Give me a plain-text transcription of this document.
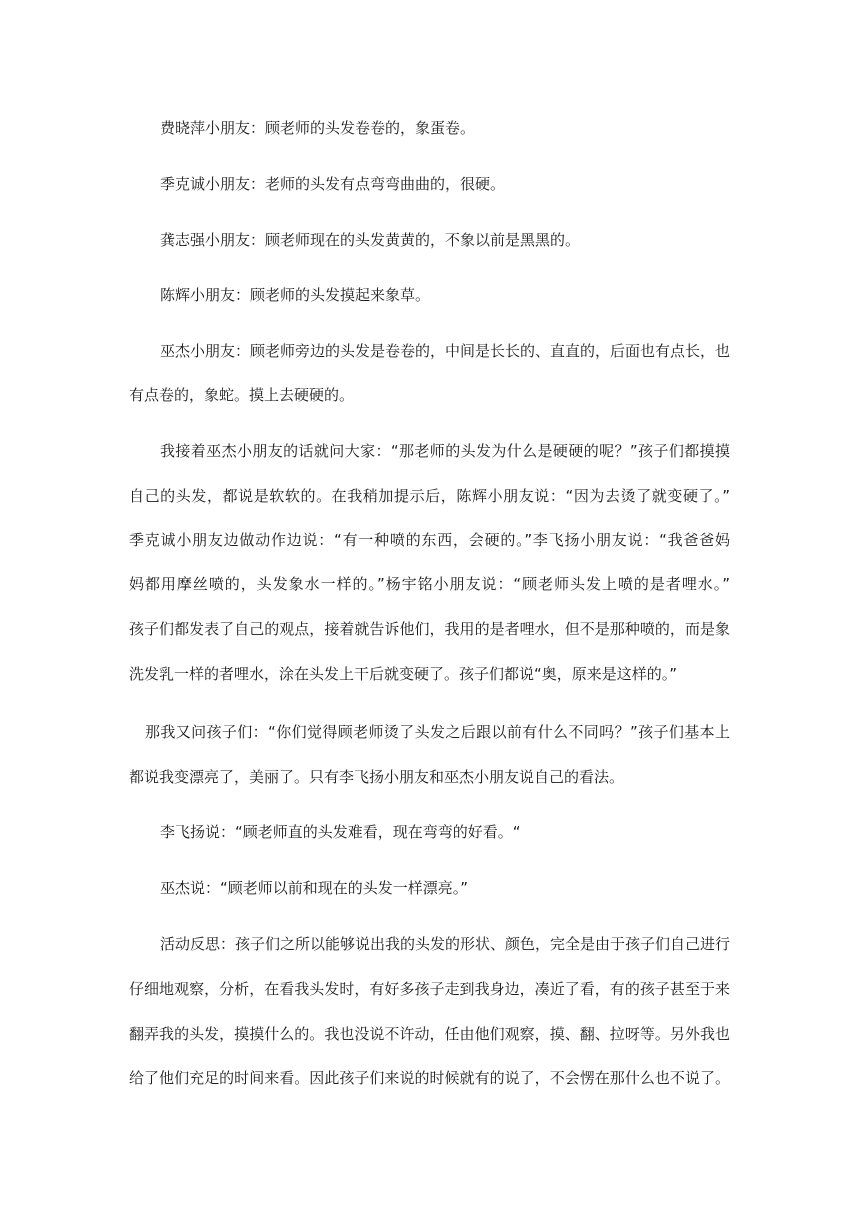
费晓萍小朋友：顾老师的头发卷卷的，象蛋卷。
季克诚小朋友：老师的头发有点弯弯曲曲的，很硬。
龚志强小朋友：顾老师现在的头发黄黄的，不象以前是黑黑的。
陈辉小朋友：顾老师的头发摸起来象草。
巫杰小朋友：顾老师旁边的头发是卷卷的，中间是长长的、直直的，后面也有点长，也
有点卷的，象蛇。摸上去硬硬的。
我接着巫杰小朋友的话就问大家：“那老师的头发为什么是硬硬的呢？”孩子们都摸摸
自己的头发，都说是软软的。在我稍加提示后，陈辉小朋友说：“因为去烫了就变硬了。”
季克诚小朋友边做动作边说：“有一种喷的东西，会硬的。”李飞扬小朋友说：“我爸爸妈
妈都用摩丝喷的，头发象水一样的。”杨宇铭小朋友说：“顾老师头发上喷的是者哩水。”
孩子们都发表了自己的观点，接着就告诉他们，我用的是者哩水，但不是那种喷的，而是象
洗发乳一样的者哩水，涂在头发上干后就变硬了。孩子们都说“奥，原来是这样的。”
那我又问孩子们：“你们觉得顾老师烫了头发之后跟以前有什么不同吗？”孩子们基本上
都说我变漂亮了，美丽了。只有李飞扬小朋友和巫杰小朋友说自己的看法。
李飞扬说：“顾老师直的头发难看，现在弯弯的好看。“
巫杰说：“顾老师以前和现在的头发一样漂亮。”
活动反思：孩子们之所以能够说出我的头发的形状、颜色，完全是由于孩子们自己进行
仔细地观察，分析，在看我头发时，有好多孩子走到我身边，凑近了看，有的孩子甚至于来
翻弄我的头发，摸摸什么的。我也没说不许动，任由他们观察，摸、翻、拉呀等。另外我也
给了他们充足的时间来看。因此孩子们来说的时候就有的说了，不会愣在那什么也不说了。
